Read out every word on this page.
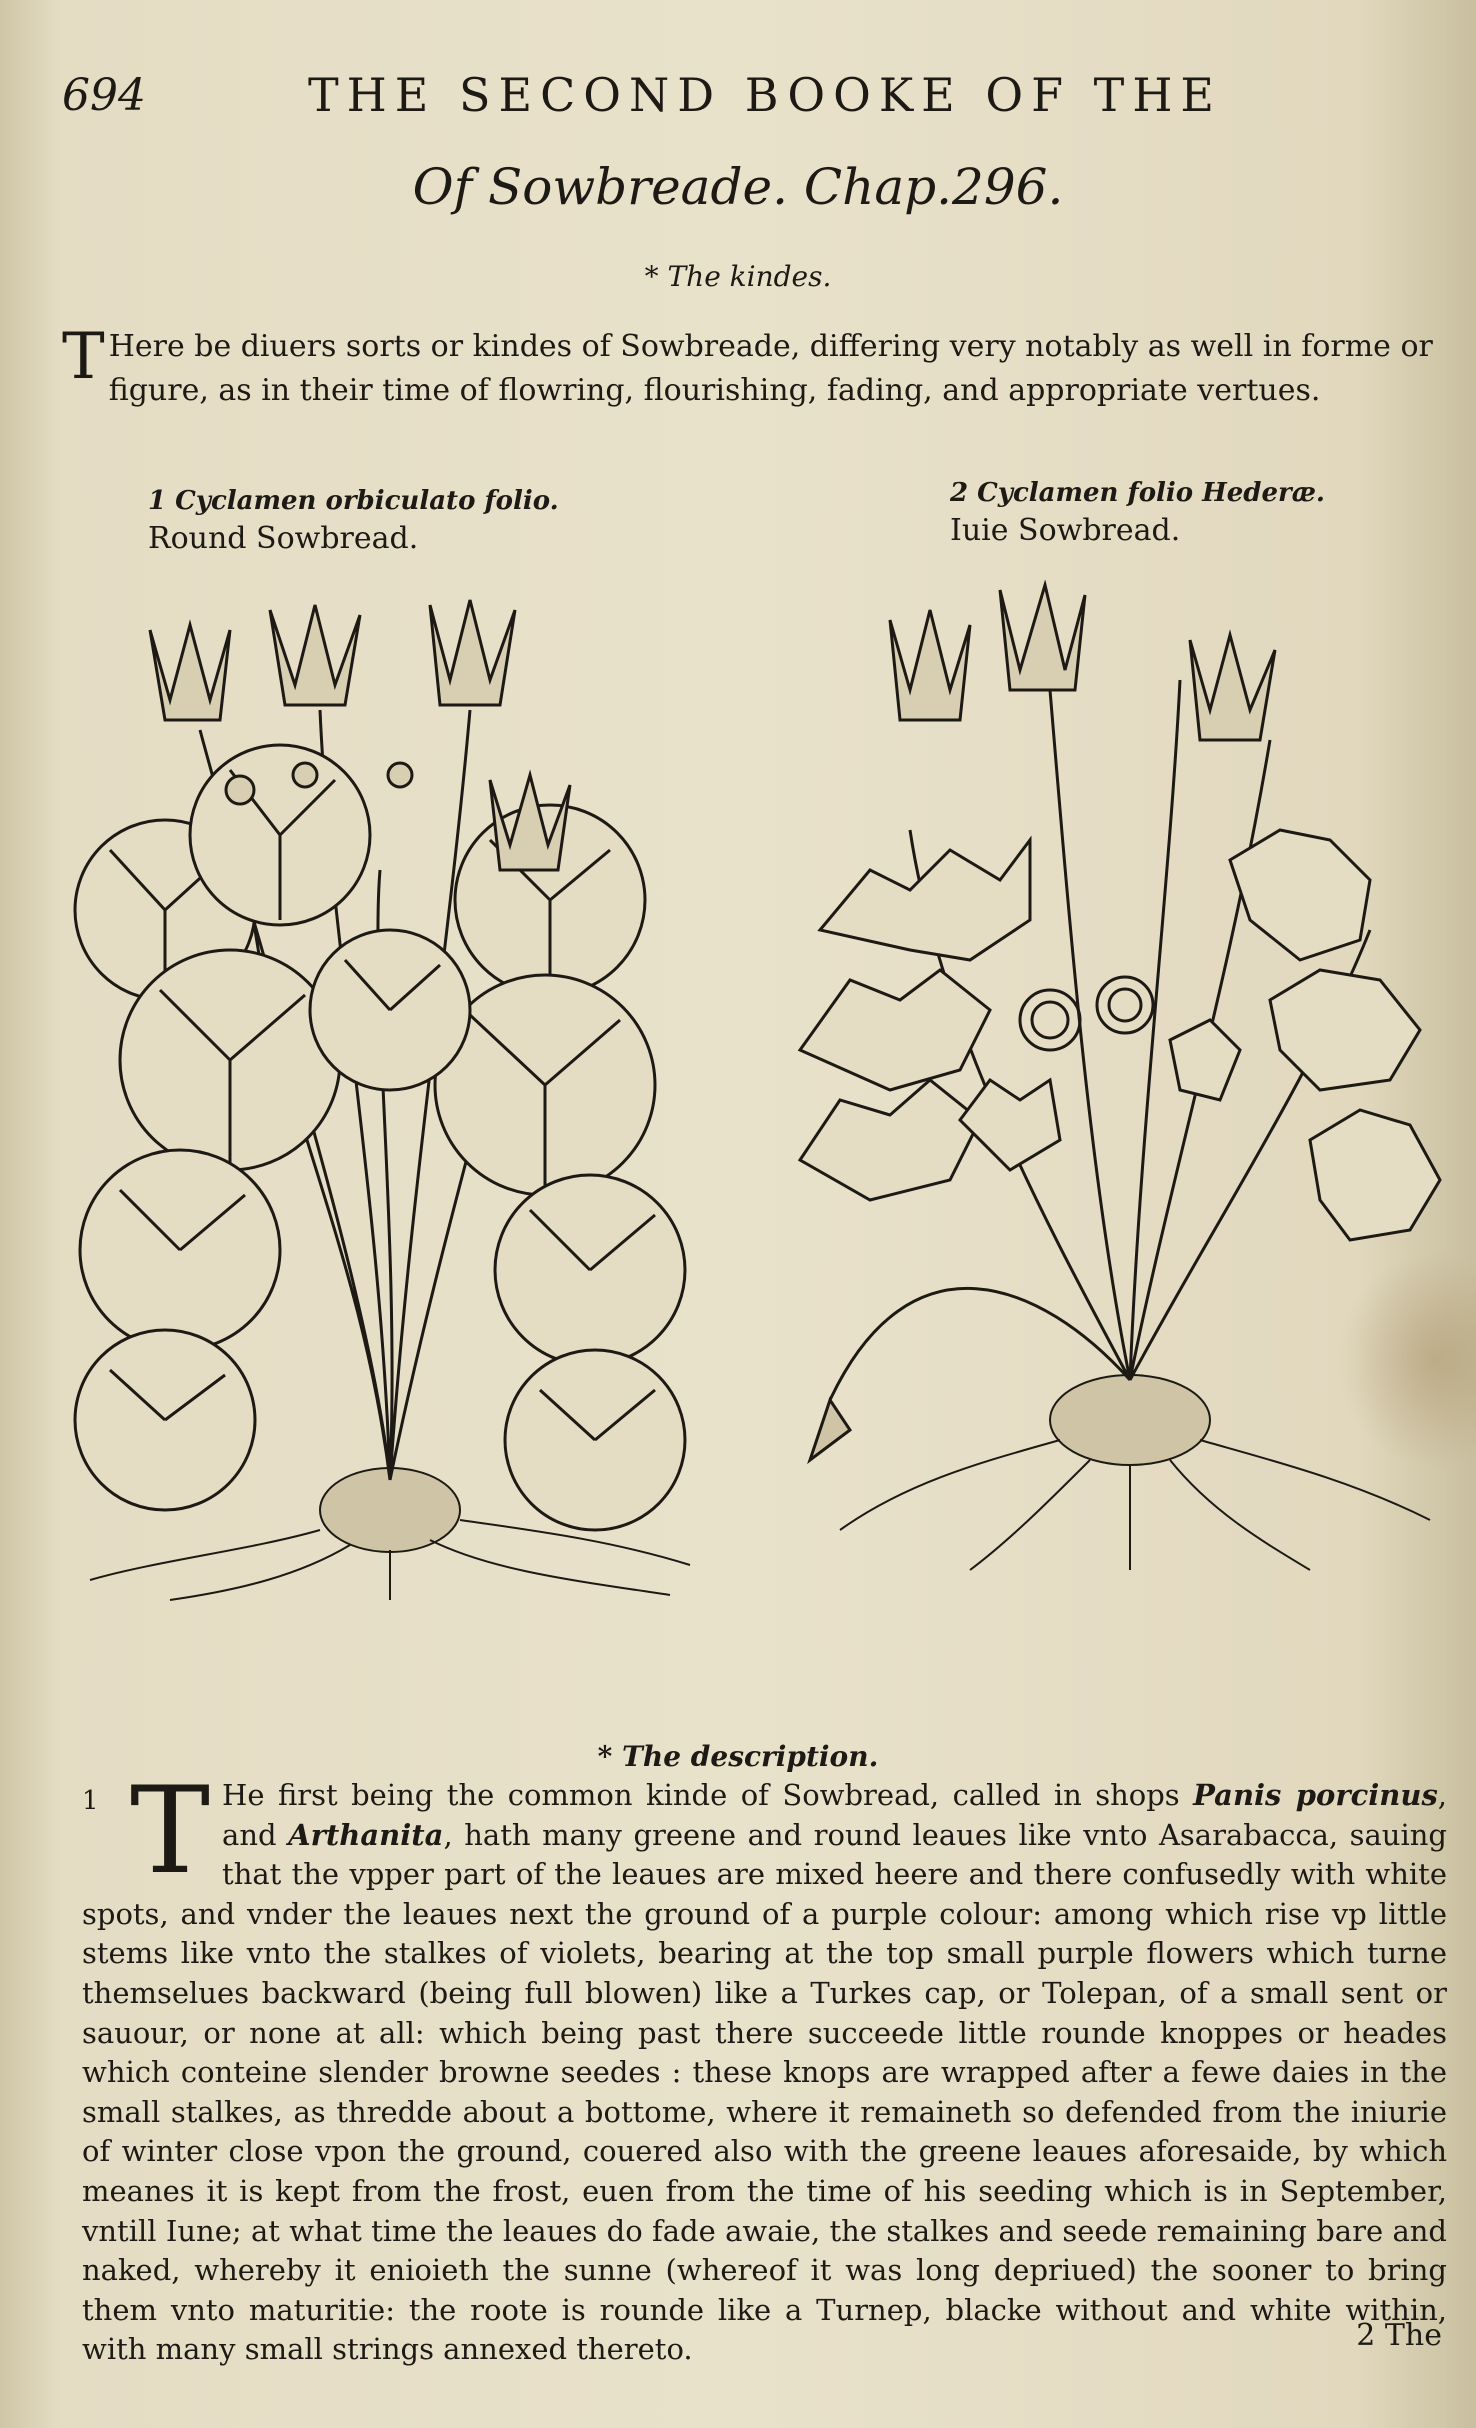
694	THE SECOND BOOKE OF THE
Of Sowbreade. Chap.296.
* The kindes.
T Here be diuers sorts or kindes of Sowbreade, differing very notably as well in forme or figure, as in their time of flowring, flourishing, fading, and appropriate vertues.
1 Cyclamen orbiculato folio.
Round Sowbread.
2 Cyclamen folio Hederæ.
Iuie Sowbread.
* The description.
1 T He first being the common kinde of Sowbread, called in shops Panis porcinus, and Arthanita, hath many greene and round leaues like vnto Asarabacca, sauing that the vpper part of the leaues are mixed heere and there confusedly with white spots, and vnder the leaues next the ground of a purple colour: among which rise vp little stems like vnto the stalkes of violets, bearing at the top small purple flowers which turne themselues backward (being full blowen) like a Turkes cap, or Tolepan, of a small sent or sauour, or none at all: which being past there succeede little rounde knoppes or heades which conteine slender browne seedes : these knops are wrapped after a fewe daies in the small stalkes, as thredde about a bottome, where it remaineth so defended from the iniurie of winter close vpon the ground, couered also with the greene leaues aforesaide, by which meanes it is kept from the frost, euen from the time of his seeding which is in September, vntill Iune; at what time the leaues do fade awaie, the stalkes and seede remaining bare and naked, whereby it enioieth the sunne (whereof it was long depriued) the sooner to bring them vnto maturitie: the roote is rounde like a Turnep, blacke without and white within, with many small strings annexed thereto.	2 The
